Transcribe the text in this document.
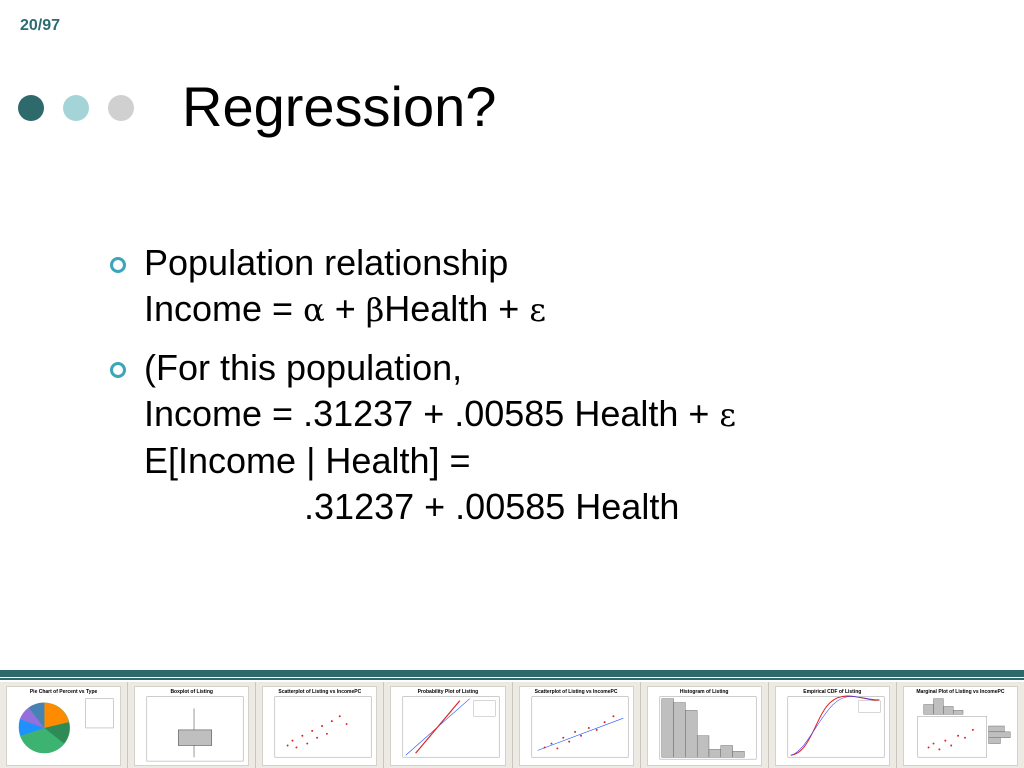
20/97
Regression?
Population relationship
Income = α + βHealth + ε
(For this population,
Income = .31237 + .00585 Health + ε
E[Income | Health] =
.31237 + .00585 Health
Pie Chart of Percent vs Type	Boxplot of Listing	Scatterplot of Listing vs IncomePC	Probability Plot of Listing	Scatterplot of Listing vs IncomePC	Histogram of Listing	Empirical CDF of Listing	Marginal Plot of Listing vs IncomePC
